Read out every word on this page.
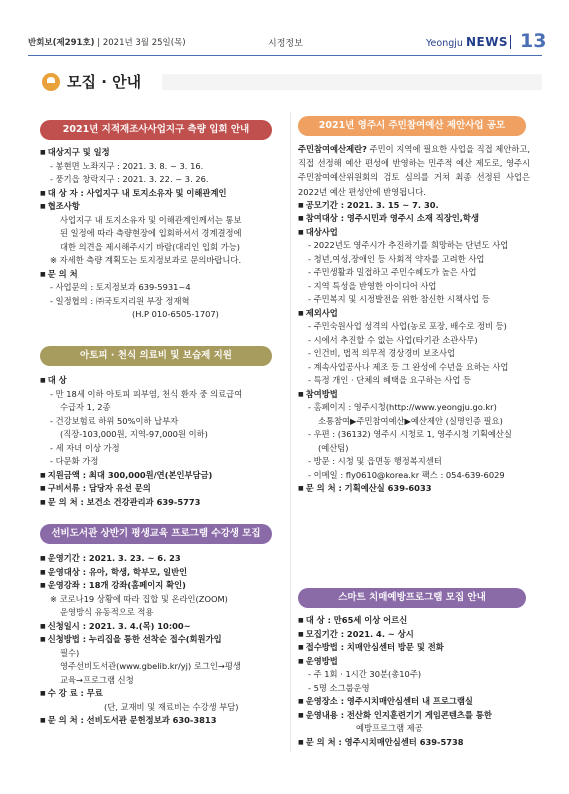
반회보(제291호) | 2021년 3월 25일(목)	시정정보	Yeongju NEWS 13
모집 · 안내
2021년 지적재조사사업지구 측량 입회 안내

■ 대상지구 및 일정

- 봉현면 노좌지구 : 2021. 3. 8. ~ 3. 16.

- 풍기읍 창락지구 : 2021. 3. 22. ~ 3. 26.

■ 대 상 자 : 사업지구 내 토지소유자 및 이해관계인

■ 협조사항

사업지구 내 토지소유자 및 이해관계인께서는 통보

된 일정에 따라 측량현장에 입회하셔서 경계결정에

대한 의견을 제시해주시기 바람(대리인 입회 가능)

※ 자세한 측량 계획도는 토지정보과로 문의바랍니다.

■ 문 의 처

- 사업문의 : 토지정보과 639-5931~4

- 일정협의 : ㈜국토지리원 부장 정재혁

(H.P 010-6505-1707)

아토피 · 천식 의료비 및 보습제 지원

■ 대 상

- 만 18세 이하 아토피 피부염, 천식 환자 중 의료급여

수급자 1, 2종

- 건강보험료 하위 50%이하 납부자

(직장-103,000원, 지역-97,000원 이하)

- 세 자녀 이상 가정

- 다문화 가정

■ 지원금액 : 최대 300,000원/연(본인부담금)

■ 구비서류 : 담당자 유선 문의

■ 문 의 처 : 보건소 건강관리과 639-5773

선비도서관 상반기 평생교육 프로그램 수강생 모집

■ 운영기간 : 2021. 3. 23. ~ 6. 23

■ 운영대상 : 유아, 학생, 학부모, 일반인

■ 운영강좌 : 18개 강좌(홈페이지 확인)

※ 코로나19 상황에 따라 집합 및 온라인(ZOOM)

운영방식 유동적으로 적용

■ 신청일시 : 2021. 3. 4.(목) 10:00~

■ 신청방법 : 누리집을 통한 선착순 접수(회원가입

필수)

영주선비도서관(www.gbelib.kr/yj) 로그인→평생

교육→프로그램 신청

■ 수 강 료 : 무료

(단, 교재비 및 재료비는 수강생 부담)

■ 문 의 처 : 선비도서관 문헌정보과 630-3813

2021년 영주시 주민참여예산 제안사업 공모

주민참여예산제란? 주민이 지역에 필요한 사업을 직접 제안하고, 직접 선정해 예산 편성에 반영하는 민주적 예산 제도로, 영주시 주민참여예산위원회의 검토 심의를 거쳐 최종 선정된 사업은 2022년 예산 편성안에 반영됩니다.

■ 공모기간 : 2021. 3. 15 ~ 7. 30.

■ 참여대상 : 영주시민과 영주시 소재 직장인,학생

■ 대상사업

- 2022년도 영주시가 추진하기를 희망하는 단년도 사업

- 청년,여성,장애인 등 사회적 약자를 고려한 사업

- 주민생활과 밀접하고 주민수혜도가 높은 사업

- 지역 특성을 반영한 아이디어 사업

- 주민복지 및 시정발전을 위한 참신한 시책사업 등

■ 제외사업

- 주민숙원사업 성격의 사업(농로 포장, 배수로 정비 등)

- 시에서 추진할 수 없는 사업(타기관 소관사무)

- 인건비, 법적 의무적 경상경비 보조사업

- 계속사업공사나 제조 등 그 완성에 수년을 요하는 사업

- 특정 개인 · 단체의 혜택을 요구하는 사업 등

■ 참여방법

- 홈페이지 : 영주시청(http://www.yeongju.go.kr)

소통참여▶주민참여예산▶예산제안 (실명인증 필요)

- 우편 : (36132) 영주시 시청로 1, 영주시청 기획예산실

(예산팀)

- 방문 : 시청 및 읍면동 행정복지센터

- 이메일 : fly0610@korea.kr 팩스 : 054-639-6029

■ 문 의 처 : 기획예산실 639-6033

스마트 치매예방프로그램 모집 안내

■ 대 상 : 만65세 이상 어르신

■ 모집기간 : 2021. 4. ~ 상시

■ 접수방법 : 치매안심센터 방문 및 전화

■ 운영방법

- 주 1회 · 1시간 30분(총10주)

- 5명 소그룹운영

■ 운영장소 : 영주시치매안심센터 내 프로그램실

■ 운영내용 : 전산화 인지훈련기기 게임콘텐츠를 통한

예방프로그램 제공

■ 문 의 처 : 영주시치매안심센터 639-5738
